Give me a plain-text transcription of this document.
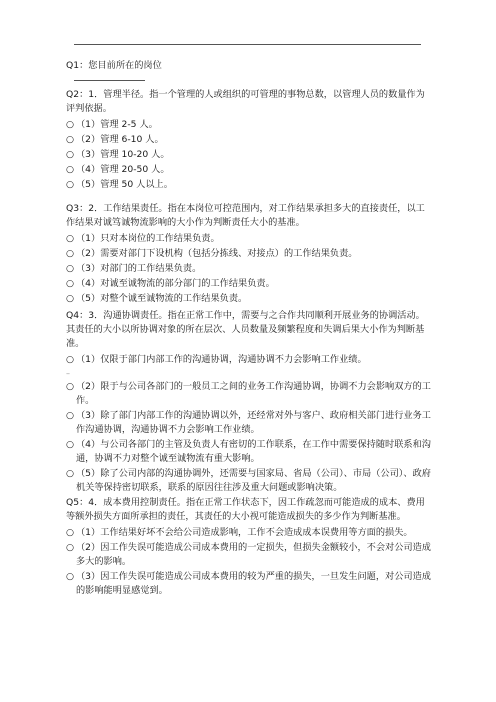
Q1：您目前所在的岗位

Q2：1．管理半径。指一个管理的人或组织的可管理的事物总数，以管理人员的数量作为评判依据。

○ （1）管理 2-5 人。

○ （2）管理 6-10 人。

○ （3）管理 10-20 人。

○ （4）管理 20-50 人。

○ （5）管理 50 人以上。

Q3：2．工作结果责任。指在本岗位可控范围内，对工作结果承担多大的直接责任，以工作结果对诚笃诚物流影响的大小作为判断责任大小的基准。

○ （1）只对本岗位的工作结果负责。

○ （2）需要对部门下设机构（包括分拣线、对接点）的工作结果负责。

○ （3）对部门的工作结果负责。

○ （4）对诚至诚物流的部分部门的工作结果负责。

○ （5）对整个诚至诚物流的工作结果负责。

Q4：3．沟通协调责任。指在正常工作中，需要与之合作共同顺利开展业务的协调活动。其责任的大小以所协调对象的所在层次、人员数量及频繁程度和失调后果大小作为判断基准。

○ （1）仅限于部门内部工作的沟通协调，沟通协调不力会影响工作业绩。

–

○ （2）限于与公司各部门的一般员工之间的业务工作沟通协调，协调不力会影响双方的工作。

○ （3）除了部门内部工作的沟通协调以外，还经常对外与客户、政府相关部门进行业务工作沟通协调，沟通协调不力会影响工作业绩。

○ （4）与公司各部门的主管及负责人有密切的工作联系，在工作中需要保持随时联系和沟通，协调不力对整个诚至诚物流有重大影响。

○ （5）除了公司内部的沟通协调外，还需要与国家局、省局（公司）、市局（公司）、政府机关等保持密切联系，联系的原因往往涉及重大问题或影响决策。

Q5：4．成本费用控制责任。指在正常工作状态下，因工作疏忽而可能造成的成本、费用等额外损失方面所承担的责任，其责任的大小视可能造成损失的多少作为判断基准。

○ （1）工作结果好坏不会给公司造成影响，工作不会造成成本误费用等方面的损失。

○ （2）因工作失误可能造成公司成本费用的一定损失，但损失金额较小，不会对公司造成多大的影响。

○ （3）因工作失误可能造成公司成本费用的较为严重的损失，一旦发生问题，对公司造成的影响能明显感觉到。
